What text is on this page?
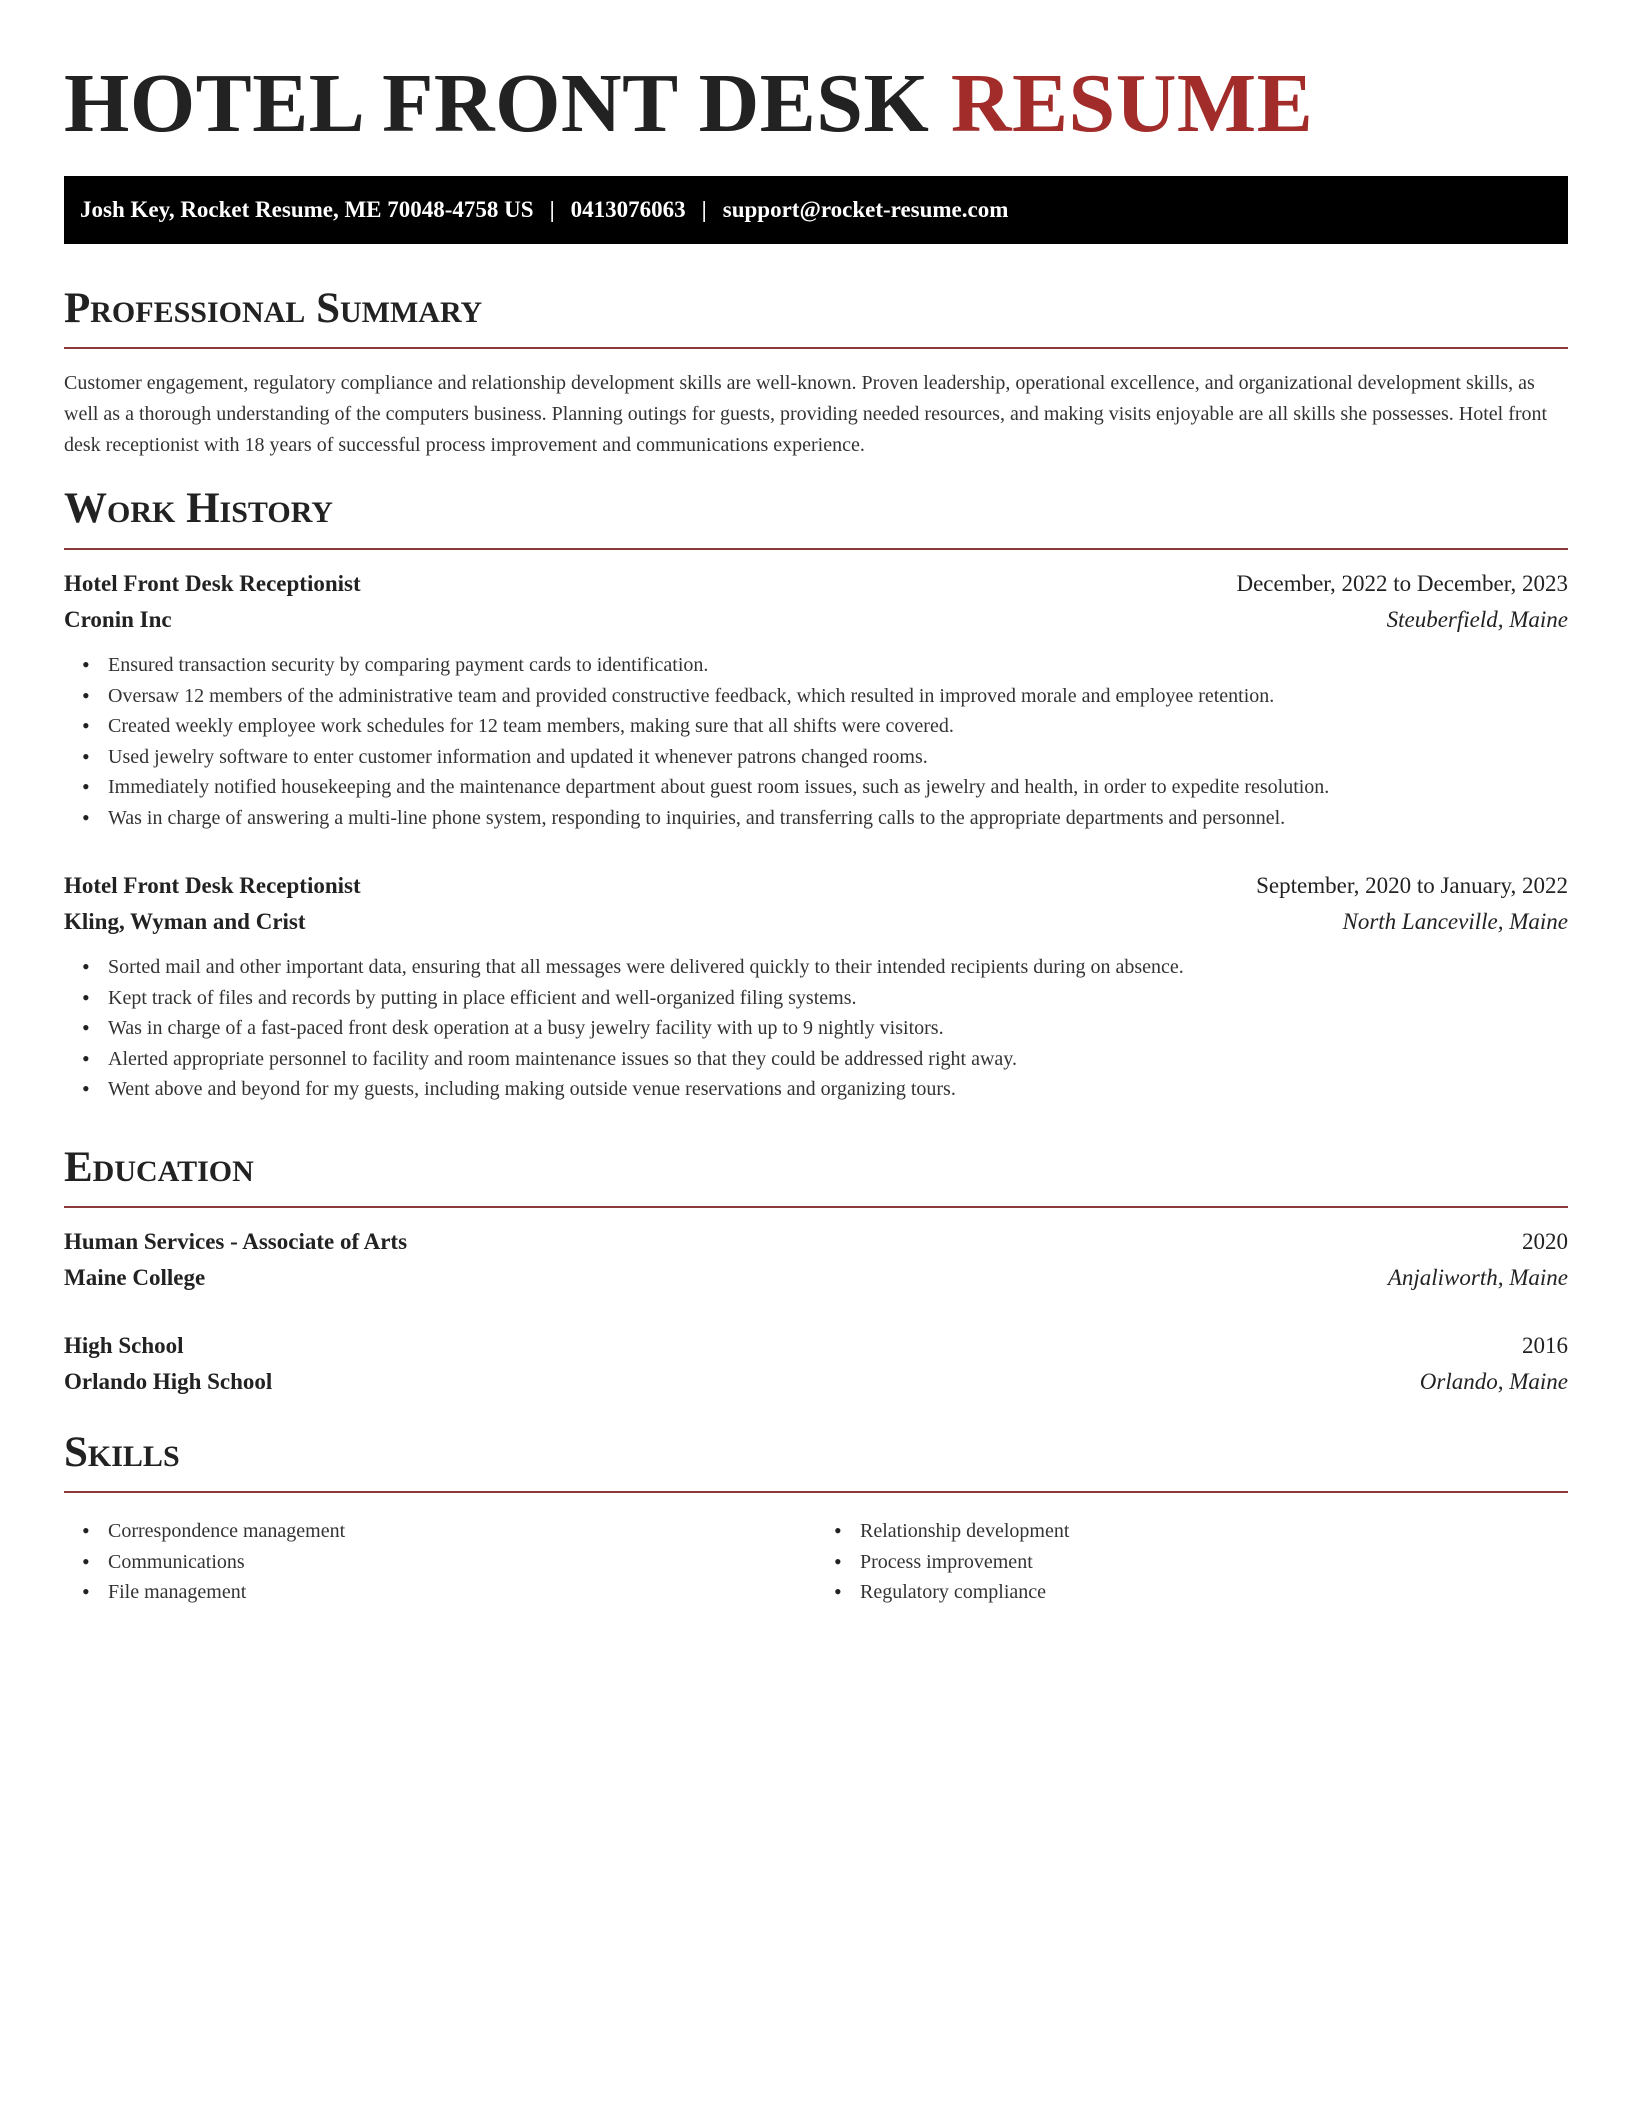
HOTEL FRONT DESK RESUME
Josh Key, Rocket Resume, ME 70048-4758 US | 0413076063 | support@rocket-resume.com
Professional Summary

Customer engagement, regulatory compliance and relationship development skills are well-known. Proven leadership, operational excellence, and organizational development skills, as well as a thorough understanding of the computers business. Planning outings for guests, providing needed resources, and making visits enjoyable are all skills she possesses. Hotel front desk receptionist with 18 years of successful process improvement and communications experience.

Work History
Hotel Front Desk Receptionist	December, 2022 to December, 2023
Cronin Inc	Steuberfield, Maine
• Ensured transaction security by comparing payment cards to identification.
• Oversaw 12 members of the administrative team and provided constructive feedback, which resulted in improved morale and employee retention.
• Created weekly employee work schedules for 12 team members, making sure that all shifts were covered.
• Used jewelry software to enter customer information and updated it whenever patrons changed rooms.
• Immediately notified housekeeping and the maintenance department about guest room issues, such as jewelry and health, in order to expedite resolution.
• Was in charge of answering a multi-line phone system, responding to inquiries, and transferring calls to the appropriate departments and personnel.
Hotel Front Desk Receptionist	September, 2020 to January, 2022
Kling, Wyman and Crist	North Lanceville, Maine
• Sorted mail and other important data, ensuring that all messages were delivered quickly to their intended recipients during on absence.
• Kept track of files and records by putting in place efficient and well-organized filing systems.
• Was in charge of a fast-paced front desk operation at a busy jewelry facility with up to 9 nightly visitors.
• Alerted appropriate personnel to facility and room maintenance issues so that they could be addressed right away.
• Went above and beyond for my guests, including making outside venue reservations and organizing tours.
Education
Human Services - Associate of Arts	2020
Maine College	Anjaliworth, Maine
High School	2016
Orlando High School	Orlando, Maine
Skills
• Correspondence management
• Communications
• File management
• Relationship development
• Process improvement
• Regulatory compliance
